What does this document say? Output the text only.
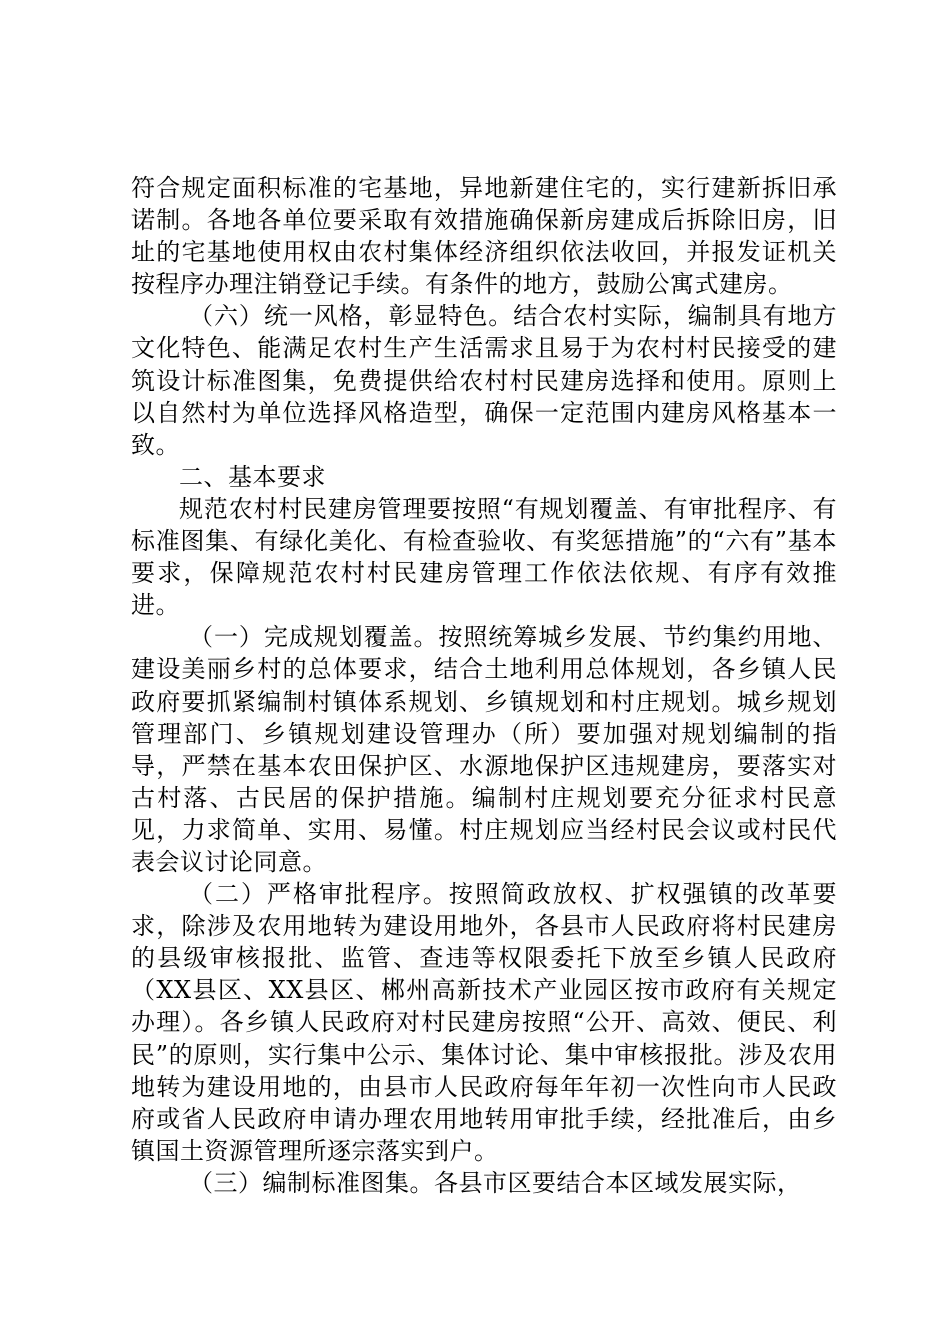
符合规定面积标准的宅基地，异地新建住宅的，实行建新拆旧承诺制。各地各单位要采取有效措施确保新房建成后拆除旧房，旧址的宅基地使用权由农村集体经济组织依法收回，并报发证机关按程序办理注销登记手续。有条件的地方，鼓励公寓式建房。

（六）统一风格，彰显特色。结合农村实际，编制具有地方文化特色、能满足农村生产生活需求且易于为农村村民接受的建筑设计标准图集，免费提供给农村村民建房选择和使用。原则上以自然村为单位选择风格造型，确保一定范围内建房风格基本一致。

二、基本要求

规范农村村民建房管理要按照“有规划覆盖、有审批程序、有标准图集、有绿化美化、有检查验收、有奖惩措施”的“六有”基本要求，保障规范农村村民建房管理工作依法依规、有序有效推进。

（一）完成规划覆盖。按照统筹城乡发展、节约集约用地、建设美丽乡村的总体要求，结合土地利用总体规划，各乡镇人民政府要抓紧编制村镇体系规划、乡镇规划和村庄规划。城乡规划管理部门、乡镇规划建设管理办（所）要加强对规划编制的指导，严禁在基本农田保护区、水源地保护区违规建房，要落实对古村落、古民居的保护措施。编制村庄规划要充分征求村民意见，力求简单、实用、易懂。村庄规划应当经村民会议或村民代表会议讨论同意。

（二）严格审批程序。按照简政放权、扩权强镇的改革要求，除涉及农用地转为建设用地外，各县市人民政府将村民建房的县级审核报批、监管、查违等权限委托下放至乡镇人民政府（XX县区、XX县区、郴州高新技术产业园区按市政府有关规定办理）。各乡镇人民政府对村民建房按照“公开、高效、便民、利民”的原则，实行集中公示、集体讨论、集中审核报批。涉及农用地转为建设用地的，由县市人民政府每年年初一次性向市人民政府或省人民政府申请办理农用地转用审批手续，经批准后，由乡镇国土资源管理所逐宗落实到户。

（三）编制标准图集。各县市区要结合本区域发展实际，
